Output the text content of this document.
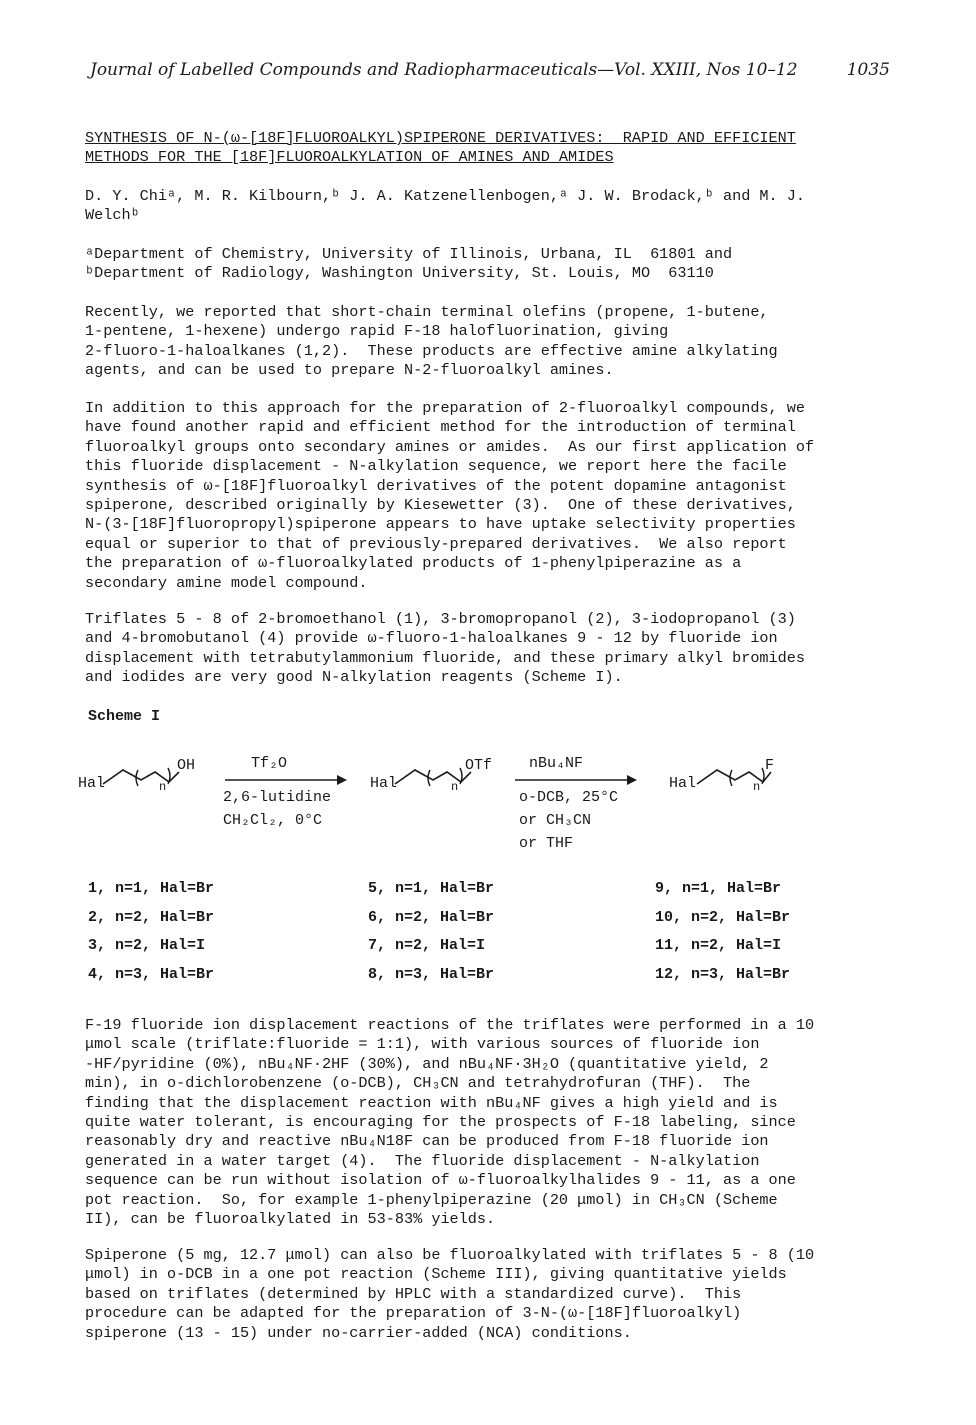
Journal of Labelled Compounds and Radiopharmaceuticals—Vol. XXIII, Nos 10–12	1035
SYNTHESIS OF N-(ω-[18F]FLUOROALKYL)SPIPERONE DERIVATIVES:  RAPID AND EFFICIENT
METHODS FOR THE [18F]FLUOROALKYLATION OF AMINES AND AMIDES
D. Y. Chiᵃ, M. R. Kilbourn,ᵇ J. A. Katzenellenbogen,ᵃ J. W. Brodack,ᵇ and M. J. Welchᵇ
ᵃDepartment of Chemistry, University of Illinois, Urbana, IL  61801 and
ᵇDepartment of Radiology, Washington University, St. Louis, MO  63110
Recently, we reported that short-chain terminal olefins (propene, 1-butene,
1-pentene, 1-hexene) undergo rapid F-18 halofluorination, giving
2-fluoro-1-haloalkanes (1,2).  These products are effective amine alkylating
agents, and can be used to prepare N-2-fluoroalkyl amines.
In addition to this approach for the preparation of 2-fluoroalkyl compounds, we
have found another rapid and efficient method for the introduction of terminal
fluoroalkyl groups onto secondary amines or amides.  As our first application of
this fluoride displacement - N-alkylation sequence, we report here the facile
synthesis of ω-[18F]fluoroalkyl derivatives of the potent dopamine antagonist
spiperone, described originally by Kiesewetter (3).  One of these derivatives,
N-(3-[18F]fluoropropyl)spiperone appears to have uptake selectivity properties
equal or superior to that of previously-prepared derivatives.  We also report
the preparation of ω-fluoroalkylated products of 1-phenylpiperazine as a
secondary amine model compound.
Triflates 5 - 8 of 2-bromoethanol (1), 3-bromopropanol (2), 3-iodopropanol (3)
and 4-bromobutanol (4) provide ω-fluoro-1-haloalkanes 9 - 12 by fluoride ion
displacement with tetrabutylammonium fluoride, and these primary alkyl bromides
and iodides are very good N-alkylation reagents (Scheme I).
Scheme I
Hal
OH
n
Tf₂O
2,6-lutidine
CH₂Cl₂, 0°C
Hal
OTf
n
nBu₄NF
o-DCB, 25°C
or CH₃CN
or THF
Hal
F
n
1, n=1, Hal=Br
2, n=2, Hal=Br
3, n=2, Hal=I
4, n=3, Hal=Br
5, n=1, Hal=Br
6, n=2, Hal=Br
7, n=2, Hal=I
8, n=3, Hal=Br
9, n=1, Hal=Br
10, n=2, Hal=Br
11, n=2, Hal=I
12, n=3, Hal=Br
F-19 fluoride ion displacement reactions of the triflates were performed in a 10
μmol scale (triflate:fluoride = 1:1), with various sources of fluoride ion
-HF/pyridine (0%), nBu₄NF·2HF (30%), and nBu₄NF·3H₂O (quantitative yield, 2
min), in o-dichlorobenzene (o-DCB), CH₃CN and tetrahydrofuran (THF).  The
finding that the displacement reaction with nBu₄NF gives a high yield and is
quite water tolerant, is encouraging for the prospects of F-18 labeling, since
reasonably dry and reactive nBu₄N18F can be produced from F-18 fluoride ion
generated in a water target (4).  The fluoride displacement - N-alkylation
sequence can be run without isolation of ω-fluoroalkylhalides 9 - 11, as a one
pot reaction.  So, for example 1-phenylpiperazine (20 μmol) in CH₃CN (Scheme
II), can be fluoroalkylated in 53-83% yields.
Spiperone (5 mg, 12.7 μmol) can also be fluoroalkylated with triflates 5 - 8 (10
μmol) in o-DCB in a one pot reaction (Scheme III), giving quantitative yields
based on triflates (determined by HPLC with a standardized curve).  This
procedure can be adapted for the preparation of 3-N-(ω-[18F]fluoroalkyl)
spiperone (13 - 15) under no-carrier-added (NCA) conditions.
